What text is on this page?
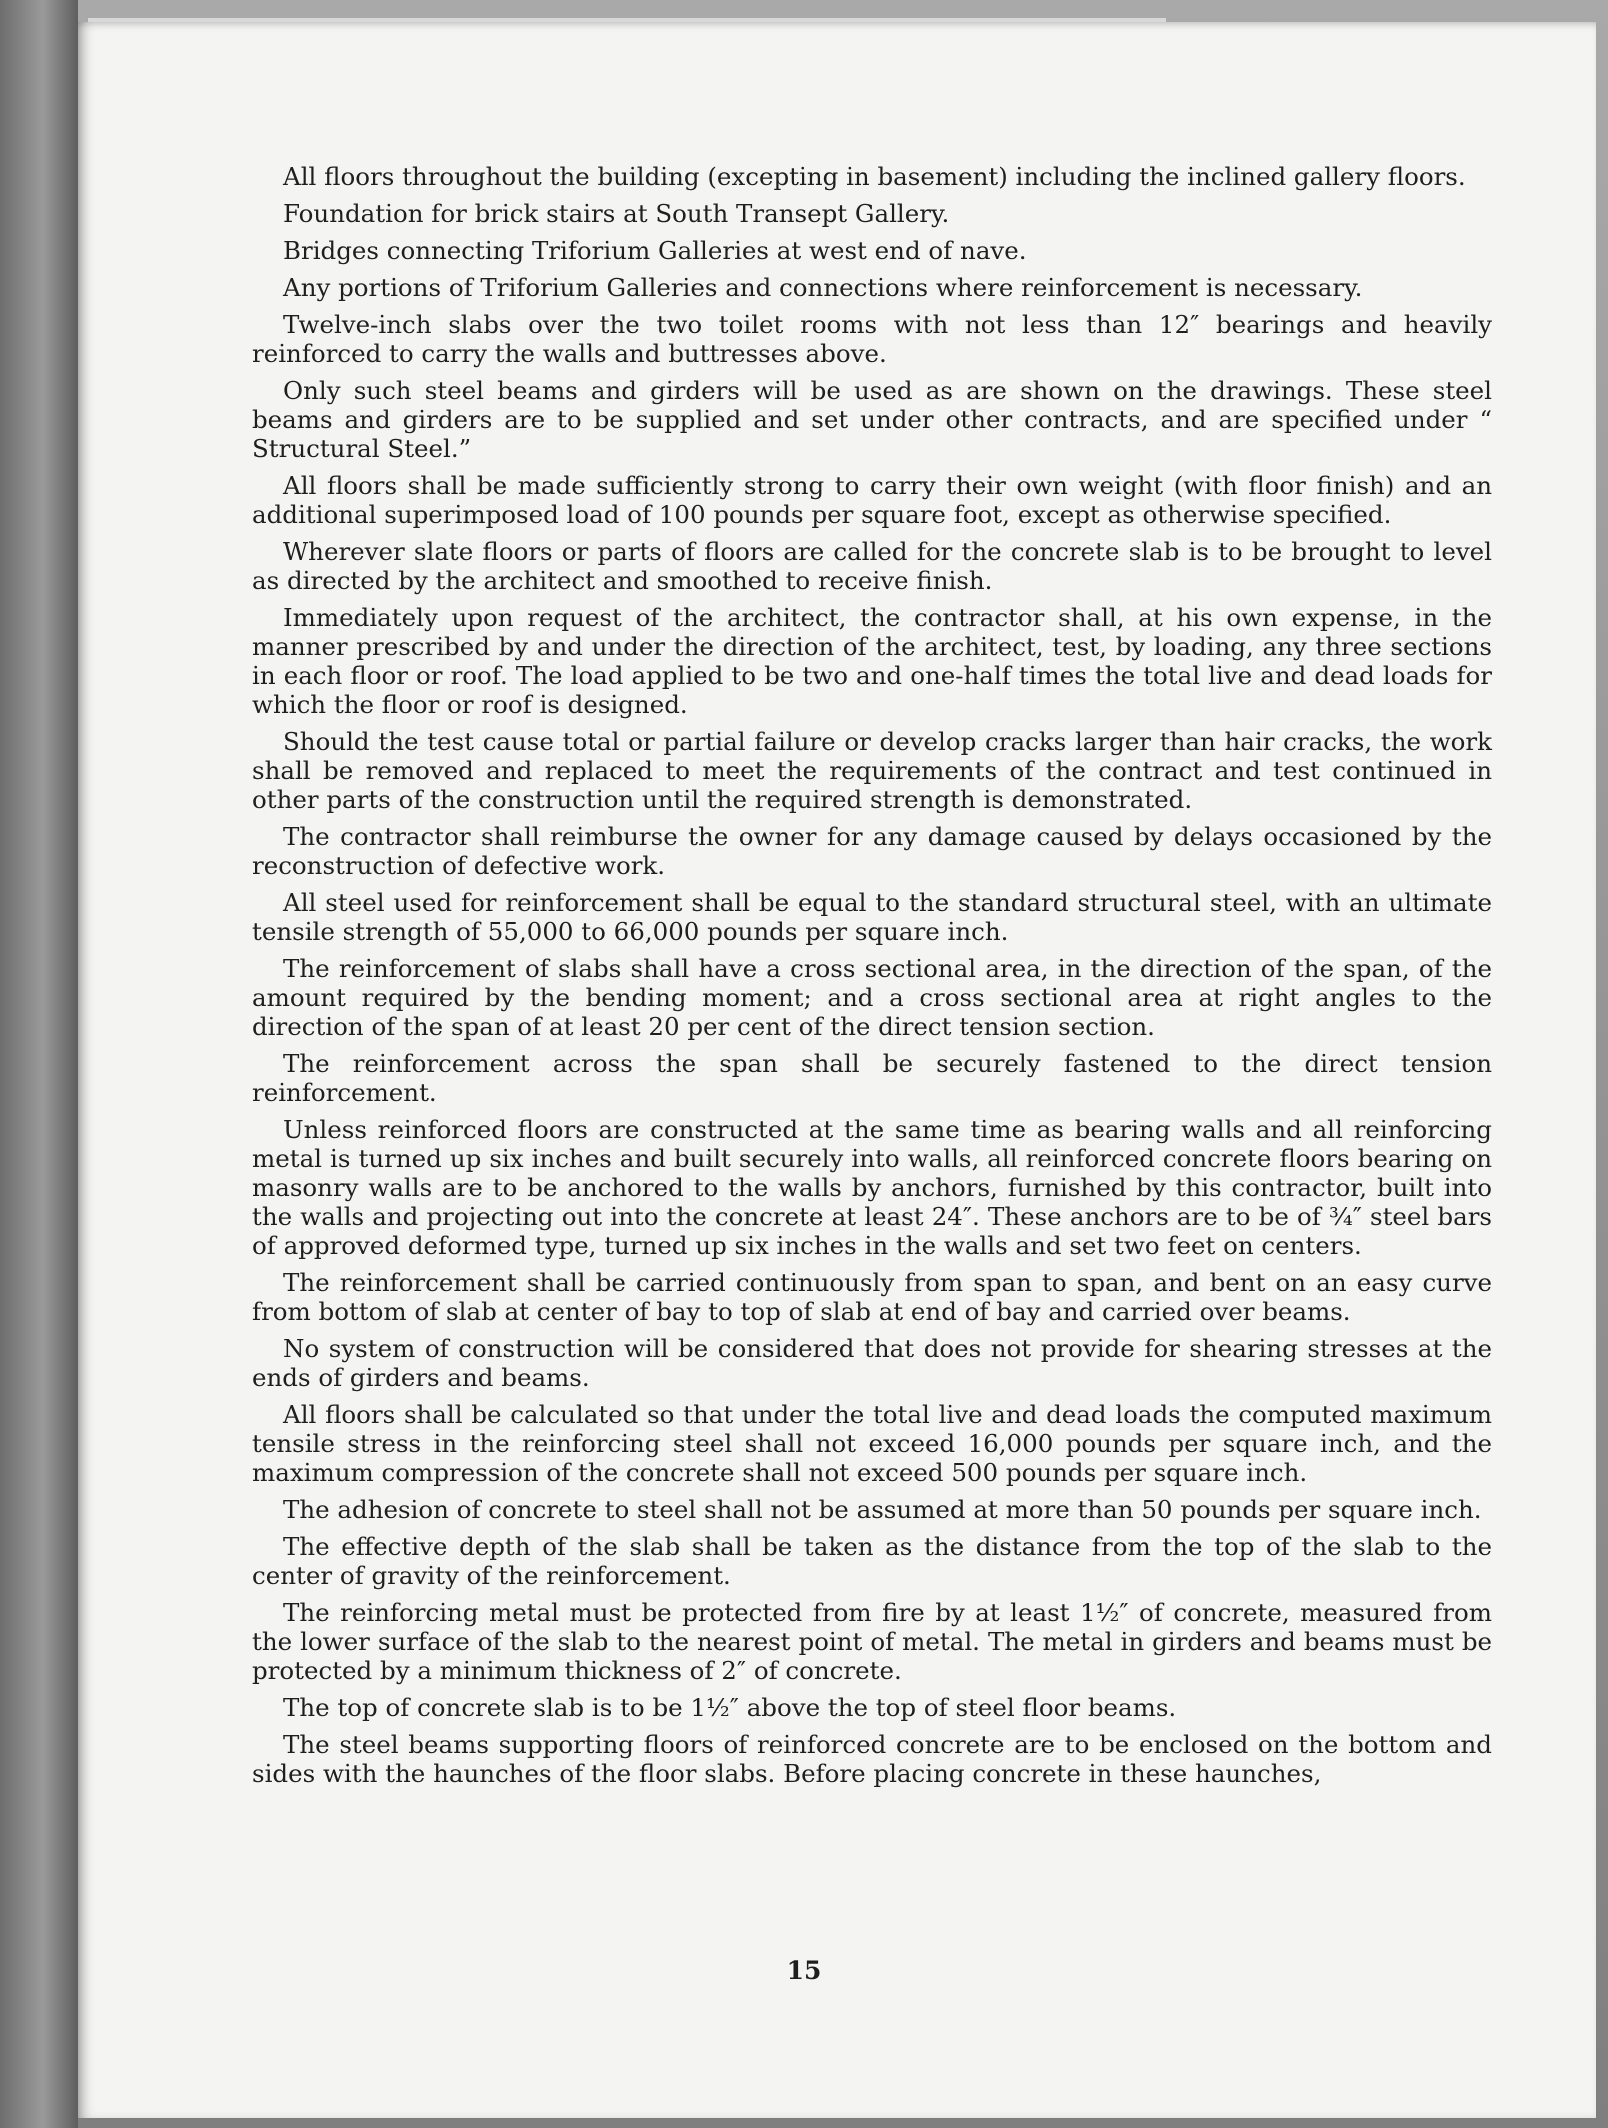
All floors throughout the building (excepting in basement) including the inclined gallery floors.

Foundation for brick stairs at South Transept Gallery.

Bridges connecting Triforium Galleries at west end of nave.

Any portions of Triforium Galleries and connections where reinforcement is necessary.

Twelve-inch slabs over the two toilet rooms with not less than 12″ bearings and heavily reinforced to carry the walls and buttresses above.

Only such steel beams and girders will be used as are shown on the drawings. These steel beams and girders are to be supplied and set under other contracts, and are specified under “ Structural Steel.”

All floors shall be made sufficiently strong to carry their own weight (with floor finish) and an additional superimposed load of 100 pounds per square foot, except as otherwise specified.

Wherever slate floors or parts of floors are called for the concrete slab is to be brought to level as directed by the architect and smoothed to receive finish.

Immediately upon request of the architect, the contractor shall, at his own expense, in the manner prescribed by and under the direction of the architect, test, by loading, any three sections in each floor or roof. The load applied to be two and one-half times the total live and dead loads for which the floor or roof is designed.

Should the test cause total or partial failure or develop cracks larger than hair cracks, the work shall be removed and replaced to meet the requirements of the contract and test continued in other parts of the construction until the required strength is demonstrated.

The contractor shall reimburse the owner for any damage caused by delays occasioned by the reconstruction of defective work.

All steel used for reinforcement shall be equal to the standard structural steel, with an ultimate tensile strength of 55,000 to 66,000 pounds per square inch.

The reinforcement of slabs shall have a cross sectional area, in the direction of the span, of the amount required by the bending moment; and a cross sectional area at right angles to the direction of the span of at least 20 per cent of the direct tension section.

The reinforcement across the span shall be securely fastened to the direct tension reinforcement.

Unless reinforced floors are constructed at the same time as bearing walls and all reinforcing metal is turned up six inches and built securely into walls, all reinforced concrete floors bearing on masonry walls are to be anchored to the walls by anchors, furnished by this contractor, built into the walls and projecting out into the concrete at least 24″. These anchors are to be of ¾″ steel bars of approved deformed type, turned up six inches in the walls and set two feet on centers.

The reinforcement shall be carried continuously from span to span, and bent on an easy curve from bottom of slab at center of bay to top of slab at end of bay and carried over beams.

No system of construction will be considered that does not provide for shearing stresses at the ends of girders and beams.

All floors shall be calculated so that under the total live and dead loads the computed maximum tensile stress in the reinforcing steel shall not exceed 16,000 pounds per square inch, and the maximum compression of the concrete shall not exceed 500 pounds per square inch.

The adhesion of concrete to steel shall not be assumed at more than 50 pounds per square inch.

The effective depth of the slab shall be taken as the distance from the top of the slab to the center of gravity of the reinforcement.

The reinforcing metal must be protected from fire by at least 1½″ of concrete, measured from the lower surface of the slab to the nearest point of metal. The metal in girders and beams must be protected by a minimum thickness of 2″ of concrete.

The top of concrete slab is to be 1½″ above the top of steel floor beams.

The steel beams supporting floors of reinforced concrete are to be enclosed on the bottom and sides with the haunches of the floor slabs. Before placing concrete in these haunches,

15
